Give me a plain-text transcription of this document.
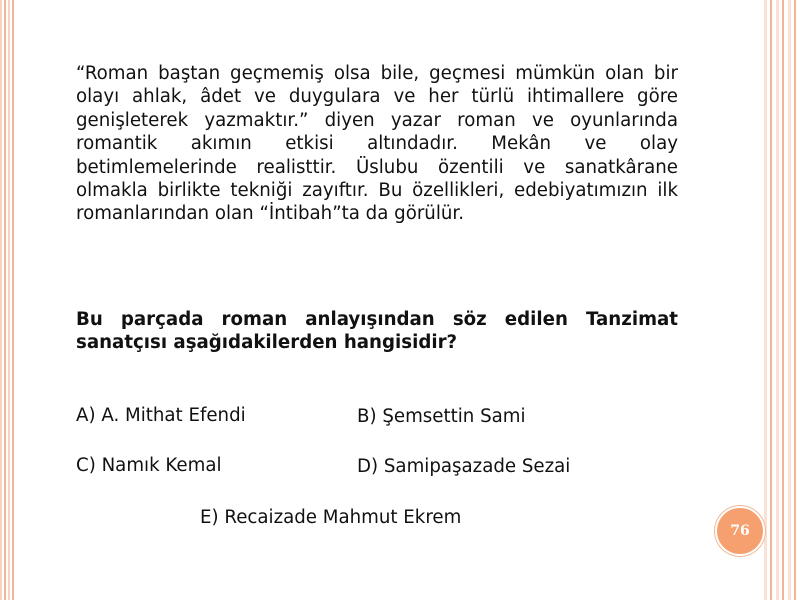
“Roman baştan geçmemiş olsa bile, geçmesi mümkün olan bir olayı ahlak, âdet ve duygulara ve her türlü ihtimallere göre genişleterek yazmaktır.” diyen yazar roman ve oyunlarında romantik akımın etkisi altındadır. Mekân ve olay betimlemelerinde realisttir. Üslubu özentili ve sanatkârane olmakla birlikte tekniği zayıftır. Bu özellikleri, edebiyatımızın ilk romanlarından olan “İntibah”ta da görülür.

Bu parçada roman anlayışından söz edilen Tanzimat sanatçısı aşağıdakilerden hangisidir?
A) A. Mithat Efendi	B) Şemsettin Sami
C) Namık Kemal	D) Samipaşazade Sezai
E) Recaizade Mahmut Ekrem
76
